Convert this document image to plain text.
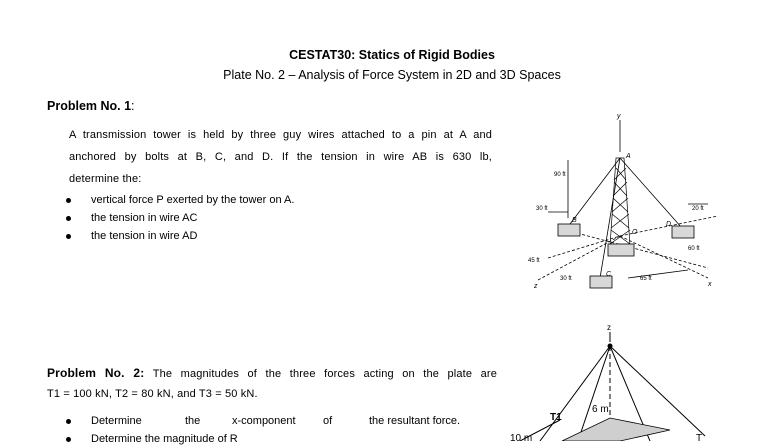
CESTAT30: Statics of Rigid Bodies
Plate No. 2 – Analysis of Force System in 2D and 3D Spaces
Problem No. 1:
A transmission tower is held by three guy wires attached to a pin at A and
anchored by bolts at B, C, and D. If the tension in wire AB is 630 lb,
determine the:
vertical force P exerted by the tower on A.
the tension in wire AC
the tension in wire AD
y
A
B
D
O
C
x
z
90 ft
30 ft	20 ft
60 ft
45 ft
30 ft	65 ft
Problem No. 2: The magnitudes of the three forces acting on the plate are
T1 = 100 kN, T2 = 80 kN, and T3 = 50 kN.
Determine	the	x-component of	the resultant force.
Determine the magnitude of R
z
T1
6 m
10 m	T
